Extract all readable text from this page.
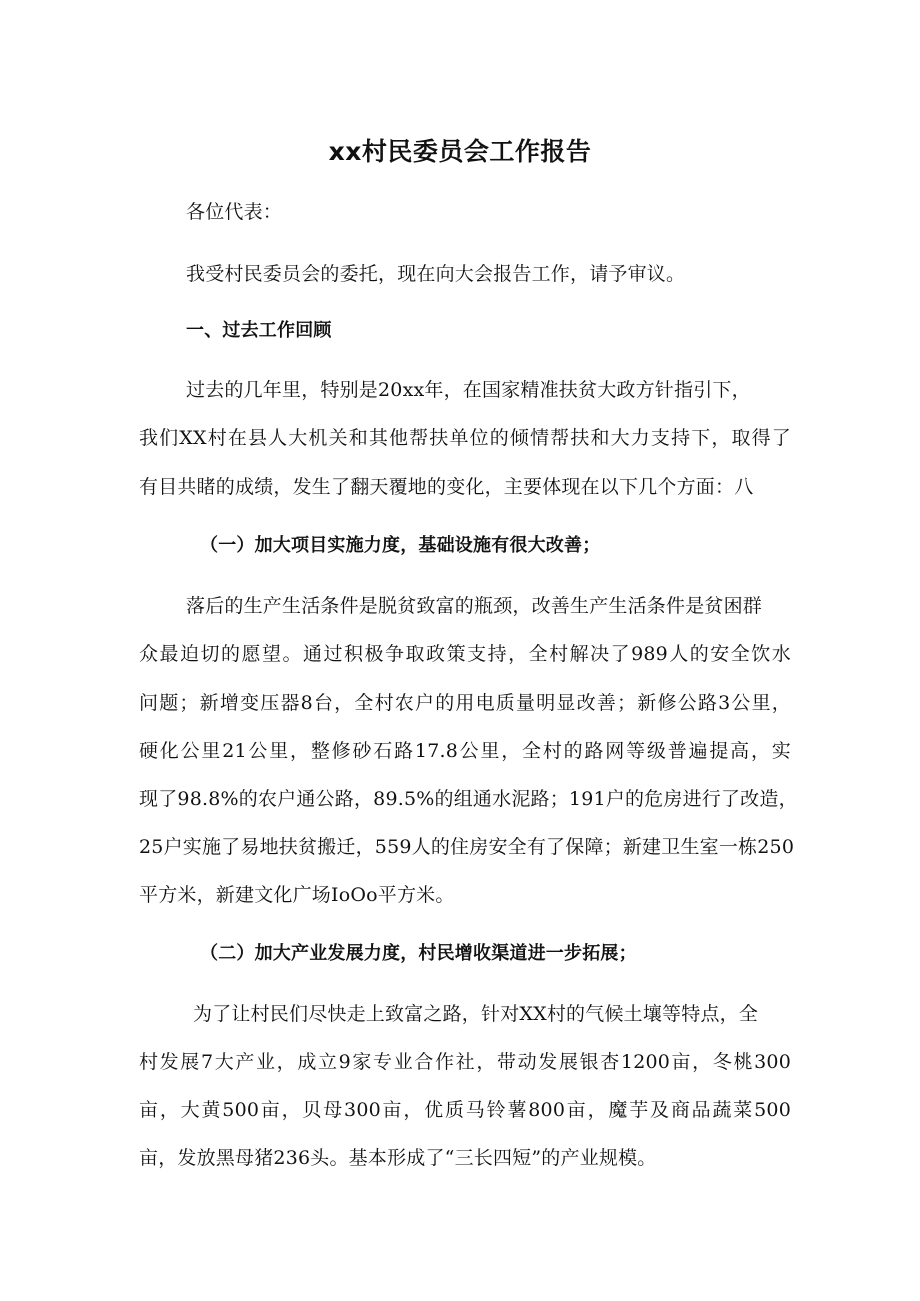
xx村民委员会工作报告
各位代表：
我受村民委员会的委托，现在向大会报告工作，请予审议。
一、过去工作回顾
过去的几年里，特别是20xx年，在国家精准扶贫大政方针指引下，
我们XX村在县人大机关和其他帮扶单位的倾情帮扶和大力支持下，取得了
有目共睹的成绩，发生了翻天覆地的变化，主要体现在以下几个方面：八
（一）加大项目实施力度，基础设施有很大改善；
落后的生产生活条件是脱贫致富的瓶颈，改善生产生活条件是贫困群
众最迫切的愿望。通过积极争取政策支持，全村解决了989人的安全饮水
问题；新增变压器8台，全村农户的用电质量明显改善；新修公路3公里，
硬化公里21公里，整修砂石路17.8公里，全村的路网等级普遍提高，实
现了98.8%的农户通公路，89.5%的组通水泥路；191户的危房进行了改造，
25户实施了易地扶贫搬迁，559人的住房安全有了保障；新建卫生室一栋250
平方米，新建文化广场IoOo平方米。
（二）加大产业发展力度，村民增收渠道进一步拓展；
为了让村民们尽快走上致富之路，针对XX村的气候土壤等特点，全
村发展7大产业，成立9家专业合作社，带动发展银杏1200亩，冬桃300
亩，大黄500亩，贝母300亩，优质马铃薯800亩，魔芋及商品蔬菜500
亩，发放黑母猪236头。基本形成了“三长四短”的产业规模。
